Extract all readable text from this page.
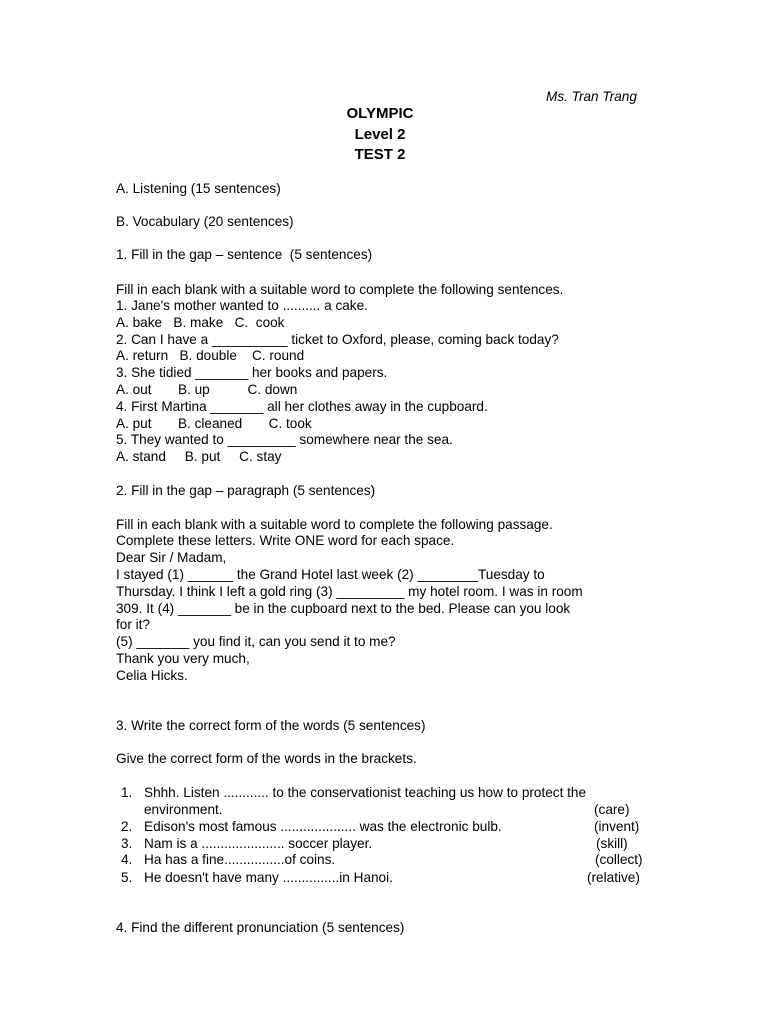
Ms. Tran Trang
OLYMPIC
Level 2
TEST 2
A. Listening (15 sentences)
B. Vocabulary (20 sentences)
1. Fill in the gap – sentence  (5 sentences)
Fill in each blank with a suitable word to complete the following sentences.
1. Jane's mother wanted to .......... a cake.
A. bake   B. make   C.  cook
2. Can I have a __________ ticket to Oxford, please, coming back today?
A. return   B. double    C. round
3. She tidied _______ her books and papers.
A. out       B. up          C. down
4. First Martina _______ all her clothes away in the cupboard.
A. put       B. cleaned       C. took
5. They wanted to _________ somewhere near the sea.
A. stand     B. put     C. stay
2. Fill in the gap – paragraph (5 sentences)
Fill in each blank with a suitable word to complete the following passage.
Complete these letters. Write ONE word for each space.
Dear Sir / Madam,
I stayed (1) ______ the Grand Hotel last week (2) ________Tuesday to
Thursday. I think I left a gold ring (3) _________ my hotel room. I was in room
309. It (4) _______ be in the cupboard next to the bed. Please can you look
for it?
(5) _______ you find it, can you send it to me?
Thank you very much,
Celia Hicks.
3. Write the correct form of the words (5 sentences)
Give the correct form of the words in the brackets.
1. Shhh. Listen ............ to the conservationist teaching us how to protect the
environment.	(care)
2. Edison's most famous .................... was the electronic bulb.	(invent)
3. Nam is a ...................... soccer player.	(skill)
4. Ha has a fine................of coins.	(collect)
5. He doesn't have many ...............in Hanoi.	(relative)
4. Find the different pronunciation (5 sentences)
